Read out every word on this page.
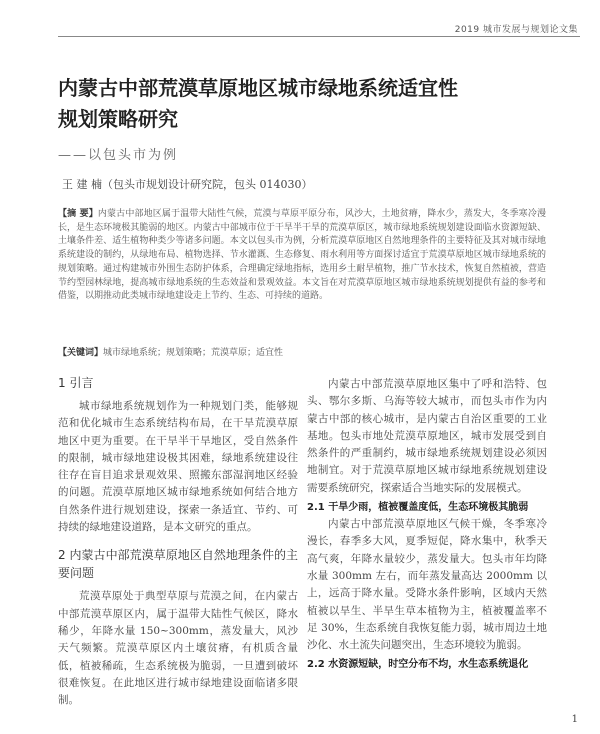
2019 城市发展与规划论文集
内蒙古中部荒漠草原地区城市绿地系统适宜性
规划策略研究
——以包头市为例
王 建 楠（包头市规划设计研究院，包头 014030）
【摘 要】内蒙古中部地区属于温带大陆性气候，荒漠与草原平原分布，风沙大，土地贫瘠，降水少，蒸发大，冬季寒冷漫长，是生态环境极其脆弱的地区。内蒙古中部城市位于干旱半干旱的荒漠草原区，城市绿地系统规划建设面临水资源短缺、土壤条件差、适生植物种类少等诸多问题。本文以包头市为例，分析荒漠草原地区自然地理条件的主要特征及其对城市绿地系统建设的制约，从绿地布局、植物选择、节水灌溉、生态修复、雨水利用等方面探讨适宜于荒漠草原地区城市绿地系统的规划策略。通过构建城市外围生态防护体系，合理确定绿地指标，选用乡土耐旱植物，推广节水技术，恢复自然植被，营造节约型园林绿地，提高城市绿地系统的生态效益和景观效益。本文旨在对荒漠草原地区城市绿地系统规划提供有益的参考和借鉴，以期推动此类城市绿地建设走上节约、生态、可持续的道路。
【关键词】城市绿地系统；规划策略；荒漠草原；适宜性
1 引言

城市绿地系统规划作为一种规划门类，能够规范和优化城市生态系统结构布局，在干旱荒漠草原地区中更为重要。在干旱半干旱地区，受自然条件的限制，城市绿地建设极其困难，绿地系统建设往往存在盲目追求景观效果、照搬东部湿润地区经验的问题。荒漠草原地区城市绿地系统如何结合地方自然条件进行规划建设，探索一条适宜、节约、可持续的绿地建设道路，是本文研究的重点。

2 内蒙古中部荒漠草原地区自然地理条件的主要问题

荒漠草原处于典型草原与荒漠之间，在内蒙古中部荒漠草原区内，属于温带大陆性气候区，降水稀少，年降水量 150~300mm，蒸发量大，风沙天气频繁。荒漠草原区内土壤贫瘠，有机质含量低，植被稀疏，生态系统极为脆弱，一旦遭到破坏很难恢复。在此地区进行城市绿地建设面临诸多限制。

内蒙古中部荒漠草原地区集中了呼和浩特、包头、鄂尔多斯、乌海等较大城市，而包头市作为内蒙古中部的核心城市，是内蒙古自治区重要的工业基地。包头市地处荒漠草原地区，城市发展受到自然条件的严重制约，城市绿地系统规划建设必须因地制宜。对于荒漠草原地区城市绿地系统规划建设需要系统研究，探索适合当地实际的发展模式。

2.1 干旱少雨，植被覆盖度低，生态环境极其脆弱

内蒙古中部荒漠草原地区气候干燥，冬季寒冷漫长，春季多大风，夏季短促，降水集中，秋季天高气爽，年降水量较少，蒸发量大。包头市年均降水量 300mm 左右，而年蒸发量高达 2000mm 以上，远高于降水量。受降水条件影响，区域内天然植被以旱生、半旱生草本植物为主，植被覆盖率不足 30%，生态系统自我恢复能力弱，城市周边土地沙化、水土流失问题突出，生态环境较为脆弱。

2.2 水资源短缺，时空分布不均，水生态系统退化
1
